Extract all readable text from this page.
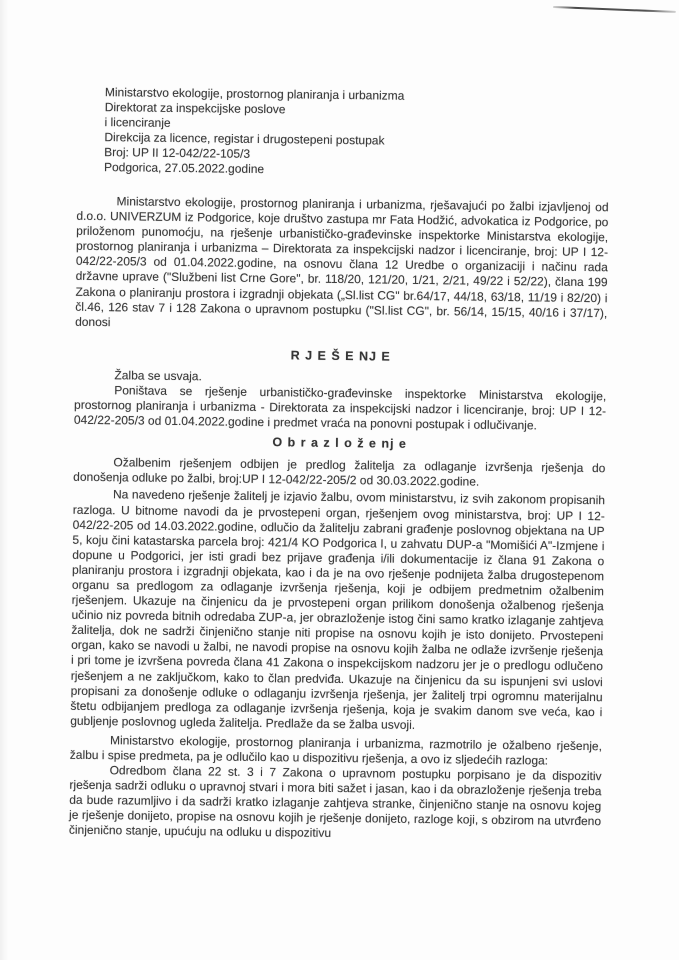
Ministarstvo ekologije, prostornog planiranja i urbanizma
Direktorat za inspekcijske poslove
i licenciranje
Direkcija za licence, registar i drugostepeni postupak
Broj: UP II 12-042/22-105/3
Podgorica, 27.05.2022.godine

Ministarstvo ekologije, prostornog planiranja i urbanizma, rješavajući po žalbi izjavljenoj od d.o.o. UNIVERZUM iz Podgorice, koje društvo zastupa mr Fata Hodžić, advokatica iz Podgorice, po priloženom punomoćju, na rješenje urbanističko-građevinske inspektorke Ministarstva ekologije, prostornog planiranja i urbanizma – Direktorata za inspekcijski nadzor i licenciranje, broj: UP I 12-042/22-205/3 od 01.04.2022.godine, na osnovu člana 12 Uredbe o organizaciji i načinu rada državne uprave ("Službeni list Crne Gore", br. 118/20, 121/20, 1/21, 2/21, 49/22 i 52/22), člana 199 Zakona o planiranju prostora i izgradnji objekata („Sl.list CG" br.64/17, 44/18, 63/18, 11/19 i 82/20) i čl.46, 126 stav 7 i 128 Zakona o upravnom postupku ("Sl.list CG", br. 56/14, 15/15, 40/16 i 37/17), donosi

R J E Š E NJ E

Žalba se usvaja.

Poništava se rješenje urbanističko-građevinske inspektorke Ministarstva ekologije, prostornog planiranja i urbanizma - Direktorata za inspekcijski nadzor i licenciranje, broj: UP I 12-042/22-205/3 od 01.04.2022.godine i predmet vraća na ponovni postupak i odlučivanje.

O b r a z l o ž e nj e

Ožalbenim rješenjem odbijen je predlog žalitelja za odlaganje izvršenja rješenja do donošenja odluke po žalbi, broj:UP I 12-042/22-205/2 od 30.03.2022.godine.

Na navedeno rješenje žalitelj je izjavio žalbu, ovom ministarstvu, iz svih zakonom propisanih razloga. U bitnome navodi da je prvostepeni organ, rješenjem ovog ministarstva, broj: UP I 12-042/22-205 od 14.03.2022.godine, odlučio da žalitelju zabrani građenje poslovnog objektana na UP 5, koju čini katastarska parcela broj: 421/4 KO Podgorica I, u zahvatu DUP-a "Momišići A"-Izmjene i dopune u Podgorici, jer isti gradi bez prijave građenja i/ili dokumentacije iz člana 91 Zakona o planiranju prostora i izgradnji objekata, kao i da je na ovo rješenje podnijeta žalba drugostepenom organu sa predlogom za odlaganje izvršenja rješenja, koji je odbijem predmetnim ožalbenim rješenjem. Ukazuje na činjenicu da je prvostepeni organ prilikom donošenja ožalbenog rješenja učinio niz povreda bitnih odredaba ZUP-a, jer obrazloženje istog čini samo kratko izlaganje zahtjeva žalitelja, dok ne sadrži činjenično stanje niti propise na osnovu kojih je isto donijeto. Prvostepeni organ, kako se navodi u žalbi, ne navodi propise na osnovu kojih žalba ne odlaže izvršenje rješenja i pri tome je izvršena povreda člana 41 Zakona o inspekcijskom nadzoru jer je o predlogu odlučeno rješenjem a ne zaključkom, kako to član predviđa. Ukazuje na činjenicu da su ispunjeni svi uslovi propisani za donošenje odluke o odlaganju izvršenja rješenja, jer žalitelj trpi ogromnu materijalnu štetu odbijanjem predloga za odlaganje izvršenja rješenja, koja je svakim danom sve veća, kao i gubljenje poslovnog ugleda žalitelja. Predlaže da se žalba usvoji.

Ministarstvo ekologije, prostornog planiranja i urbanizma, razmotrilo je ožalbeno rješenje, žalbu i spise predmeta, pa je odlučilo kao u dispozitivu rješenja, a ovo iz sljedećih razloga:

Odredbom člana 22 st. 3 i 7 Zakona o upravnom postupku porpisano je da dispozitiv rješenja sadrži odluku o upravnoj stvari i mora biti sažet i jasan, kao i da obrazloženje rješenja treba da bude razumljivo i da sadrži kratko izlaganje zahtjeva stranke, činjenično stanje na osnovu kojeg je rješenje donijeto, propise na osnovu kojih je rješenje donijeto, razloge koji, s obzirom na utvrđeno činjenično stanje, upućuju na odluku u dispozitivu
